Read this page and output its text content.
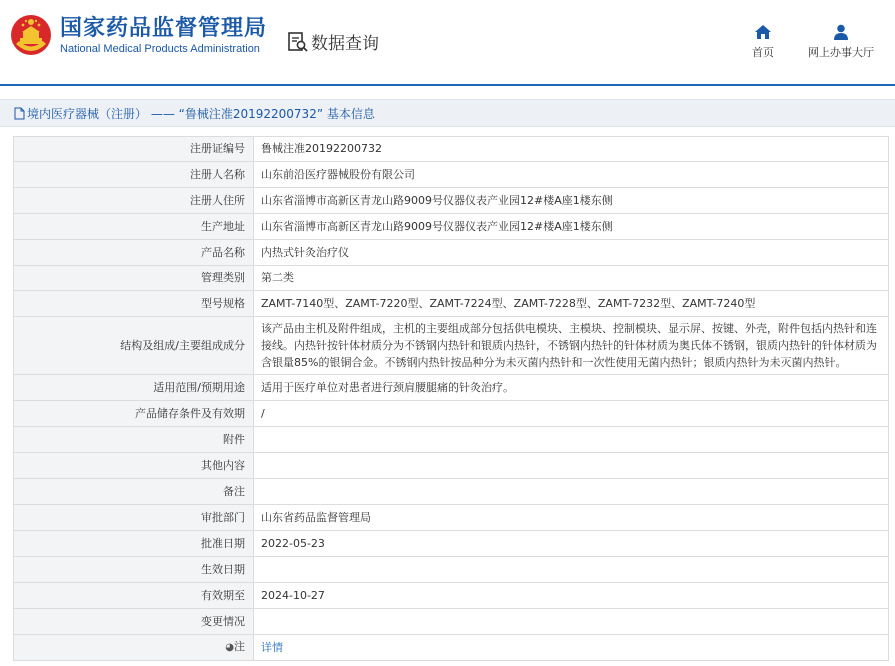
国家药品监督管理局
National Medical Products Administration	数据查询	首页	网上办事大厅
境内医疗器械（注册） —— “鲁械注准20192200732” 基本信息
注册证编号	鲁械注准20192200732
注册人名称	山东前沿医疗器械股份有限公司
注册人住所	山东省淄博市高新区青龙山路9009号仪器仪表产业园12#楼A座1楼东侧
生产地址	山东省淄博市高新区青龙山路9009号仪器仪表产业园12#楼A座1楼东侧
产品名称	内热式针灸治疗仪
管理类别	第二类
型号规格	ZAMT-7140型、ZAMT-7220型、ZAMT-7224型、ZAMT-7228型、ZAMT-7232型、ZAMT-7240型
结构及组成/主要组成成分	该产品由主机及附件组成，主机的主要组成部分包括供电模块、主模块、控制模块、显示屏、按键、外壳，附件包括内热针和连接线。内热针按针体材质分为不锈钢内热针和银质内热针，不锈钢内热针的针体材质为奥氏体不锈钢，银质内热针的针体材质为含银量85%的银铜合金。不锈钢内热针按品种分为未灭菌内热针和一次性使用无菌内热针；银质内热针为未灭菌内热针。
适用范围/预期用途	适用于医疗单位对患者进行颈肩腰腿痛的针灸治疗。
产品储存条件及有效期	/
附件	
其他内容	
备注	
审批部门	山东省药品监督管理局
批准日期	2022-05-23
生效日期	
有效期至	2024-10-27
变更情况	
◕注	详情
